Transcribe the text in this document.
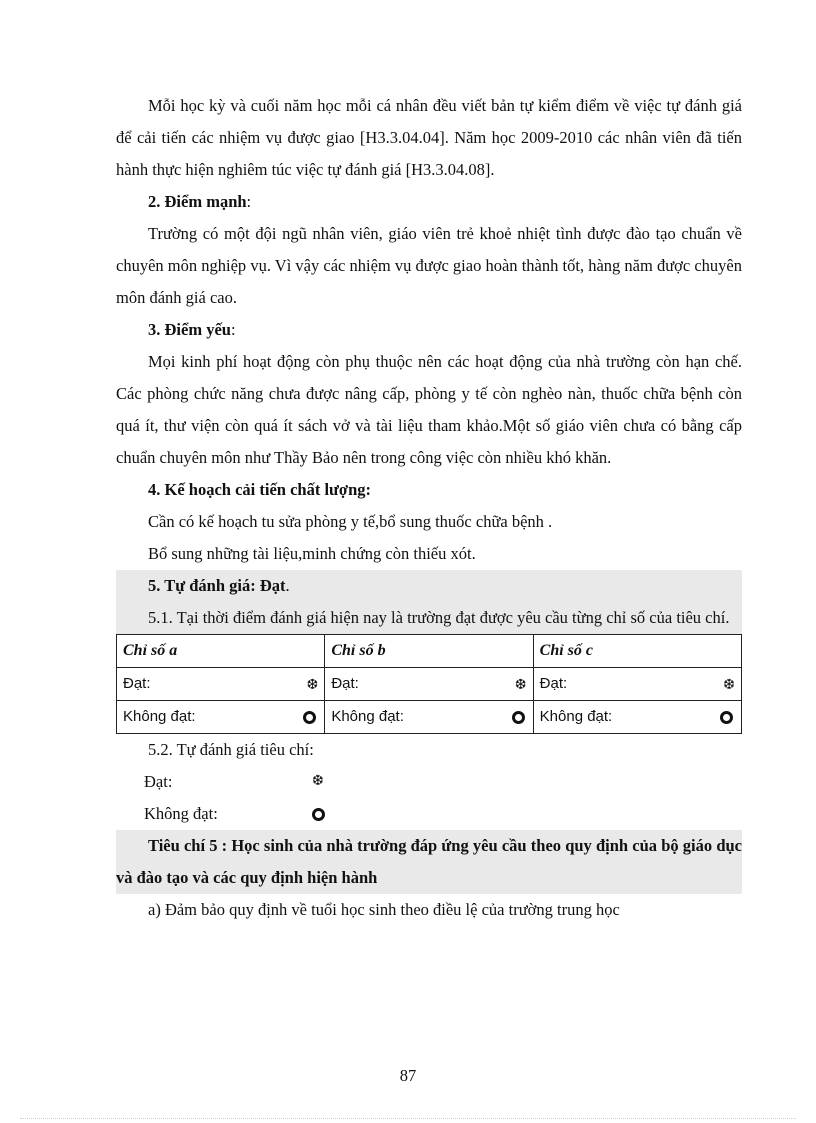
Mỗi học kỳ và cuối năm học mỗi cá nhân đều viết bản tự kiểm điểm về việc tự đánh giá để cải tiến các nhiệm vụ được giao [H3.3.04.04]. Năm học 2009-2010 các nhân viên đã tiến hành thực hiện nghiêm túc việc tự đánh giá [H3.3.04.08].

2. Điểm mạnh:

Trường có một đội ngũ nhân viên, giáo viên trẻ khoẻ nhiệt tình được đào tạo chuẩn về chuyên môn nghiệp vụ. Vì vậy các nhiệm vụ được giao hoàn thành tốt, hàng năm được chuyên môn đánh giá cao.

3. Điểm yếu:

Mọi kinh phí hoạt động còn phụ thuộc nên các hoạt động của nhà trường còn hạn chế. Các phòng chức năng chưa được nâng cấp, phòng y tế còn nghèo nàn, thuốc chữa bệnh còn quá ít, thư viện còn quá ít sách vở và tài liệu tham khảo.Một số giáo viên chưa có bằng cấp chuẩn chuyên môn như Thầy Bảo nên trong công việc còn nhiều khó khăn.

4. Kế hoạch cải tiến chất lượng:

Cần có kế hoạch tu sửa phòng y tế,bổ sung thuốc chữa bệnh .

Bổ sung những tài liệu,minh chứng còn thiếu xót.

5. Tự đánh giá: Đạt.

5.1. Tại thời điểm đánh giá hiện nay là trường đạt được yêu cầu từng chỉ số của tiêu chí.

Chỉ số a	Chỉ số b	Chỉ số c

Đạt: ❆	Đạt: ❆	Đạt: ❆

Không đạt:	Không đạt:	Không đạt:

5.2. Tự đánh giá tiêu chí:

Đạt:	❆
Không đạt:

Tiêu chí 5 : Học sinh của nhà trường đáp ứng yêu cầu theo quy định của bộ giáo dục và đào tạo và các quy định hiện hành

a) Đảm bảo quy định về tuổi học sinh theo điều lệ của trường trung học

87
